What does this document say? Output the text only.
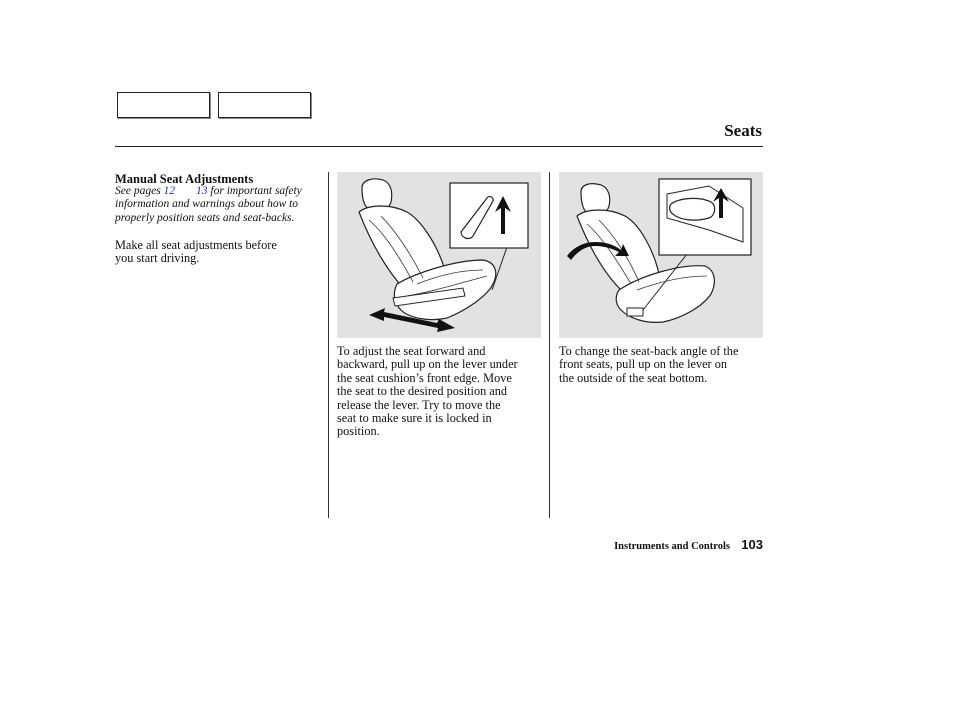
Seats
Manual Seat Adjustments
See pages 12 13 for important safety
information and warnings about how to
properly position seats and seat-backs.
Make all seat adjustments before
you start driving.
To adjust the seat forward and
backward, pull up on the lever under
the seat cushion’s front edge. Move
the seat to the desired position and
release the lever. Try to move the
seat to make sure it is locked in
position.
To change the seat-back angle of the
front seats, pull up on the lever on
the outside of the seat bottom.
Instruments and Controls 103
